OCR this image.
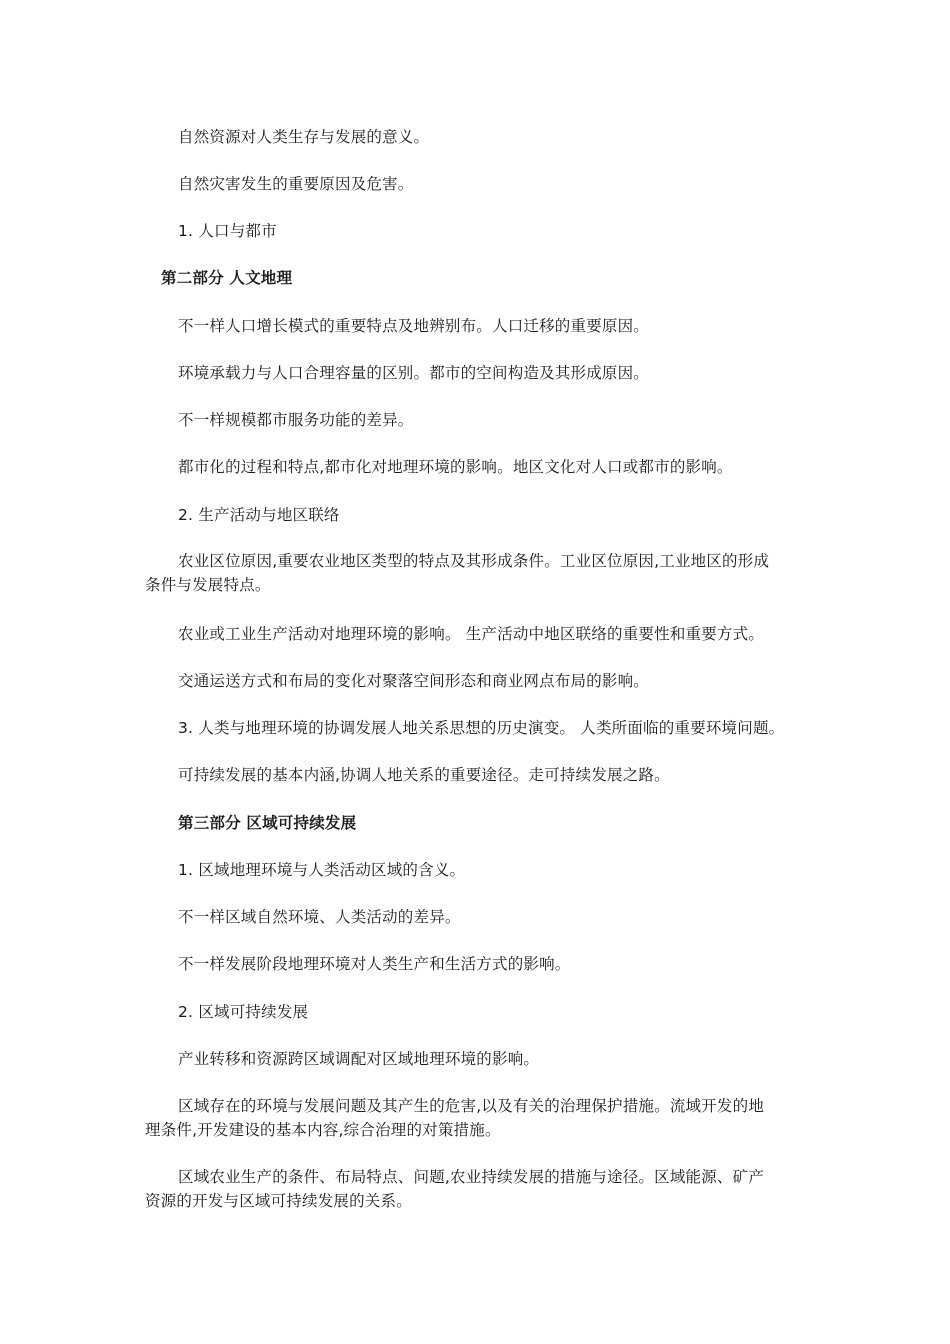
自然资源对人类生存与发展的意义。
自然灾害发生的重要原因及危害。
1. 人口与都市
第二部分 人文地理
不一样人口增长模式的重要特点及地辨别布。人口迁移的重要原因。
环境承载力与人口合理容量的区别。都市的空间构造及其形成原因。
不一样规模都市服务功能的差异。
都市化的过程和特点,都市化对地理环境的影响。地区文化对人口或都市的影响。
2. 生产活动与地区联络
农业区位原因,重要农业地区类型的特点及其形成条件。工业区位原因,工业地区的形成
条件与发展特点。
农业或工业生产活动对地理环境的影响。 生产活动中地区联络的重要性和重要方式。
交通运送方式和布局的变化对聚落空间形态和商业网点布局的影响。
3. 人类与地理环境的协调发展人地关系思想的历史演变。 人类所面临的重要环境问题。
可持续发展的基本内涵,协调人地关系的重要途径。走可持续发展之路。
第三部分 区域可持续发展
1. 区域地理环境与人类活动区域的含义。
不一样区域自然环境、人类活动的差异。
不一样发展阶段地理环境对人类生产和生活方式的影响。
2. 区域可持续发展
产业转移和资源跨区域调配对区域地理环境的影响。
区域存在的环境与发展问题及其产生的危害,以及有关的治理保护措施。流域开发的地
理条件,开发建设的基本内容,综合治理的对策措施。
区域农业生产的条件、布局特点、问题,农业持续发展的措施与途径。区域能源、矿产
资源的开发与区域可持续发展的关系。
